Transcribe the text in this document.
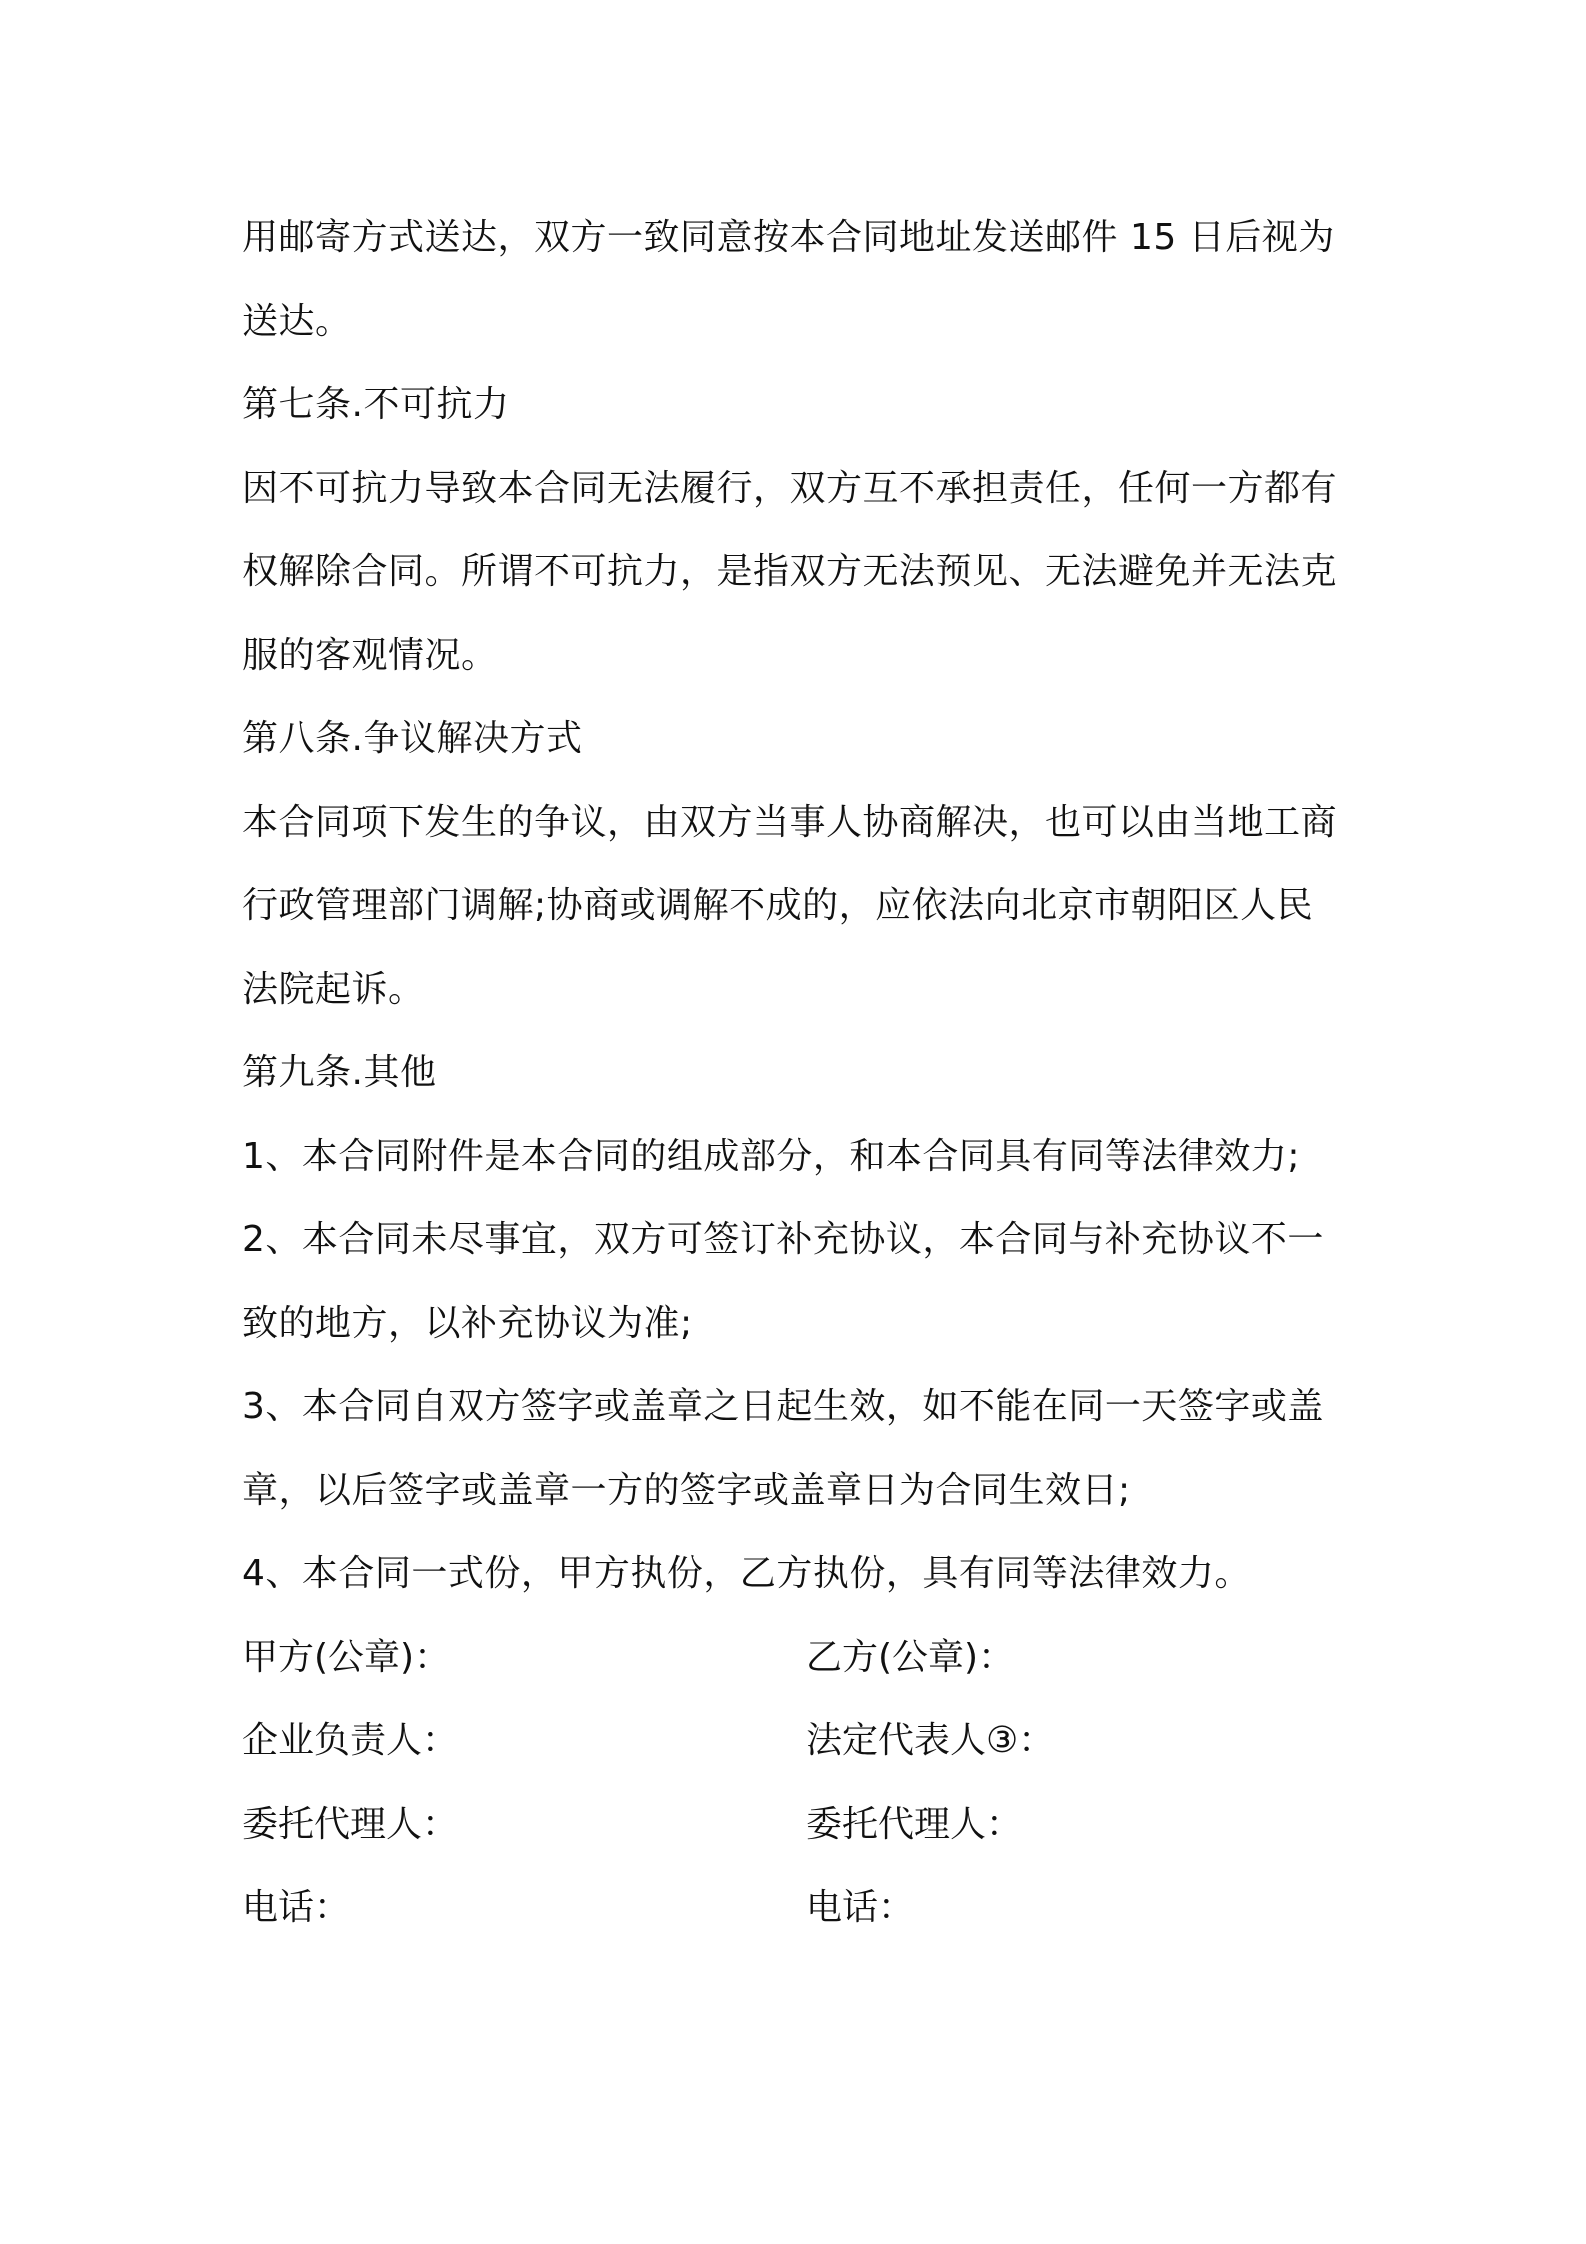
用邮寄方式送达，双方一致同意按本合同地址发送邮件 15 日后视为
送达。
第七条.不可抗力
因不可抗力导致本合同无法履行，双方互不承担责任，任何一方都有
权解除合同。所谓不可抗力，是指双方无法预见、无法避免并无法克
服的客观情况。
第八条.争议解决方式
本合同项下发生的争议，由双方当事人协商解决，也可以由当地工商
行政管理部门调解;协商或调解不成的，应依法向北京市朝阳区人民
法院起诉。
第九条.其他
1、本合同附件是本合同的组成部分，和本合同具有同等法律效力;
2、本合同未尽事宜，双方可签订补充协议，本合同与补充协议不一
致的地方，以补充协议为准;
3、本合同自双方签字或盖章之日起生效，如不能在同一天签字或盖
章，以后签字或盖章一方的签字或盖章日为合同生效日;
4、本合同一式份，甲方执份，乙方执份，具有同等法律效力。
甲方(公章)：	乙方(公章)：
企业负责人：	法定代表人③：
委托代理人：	委托代理人：
电话：	电话：
